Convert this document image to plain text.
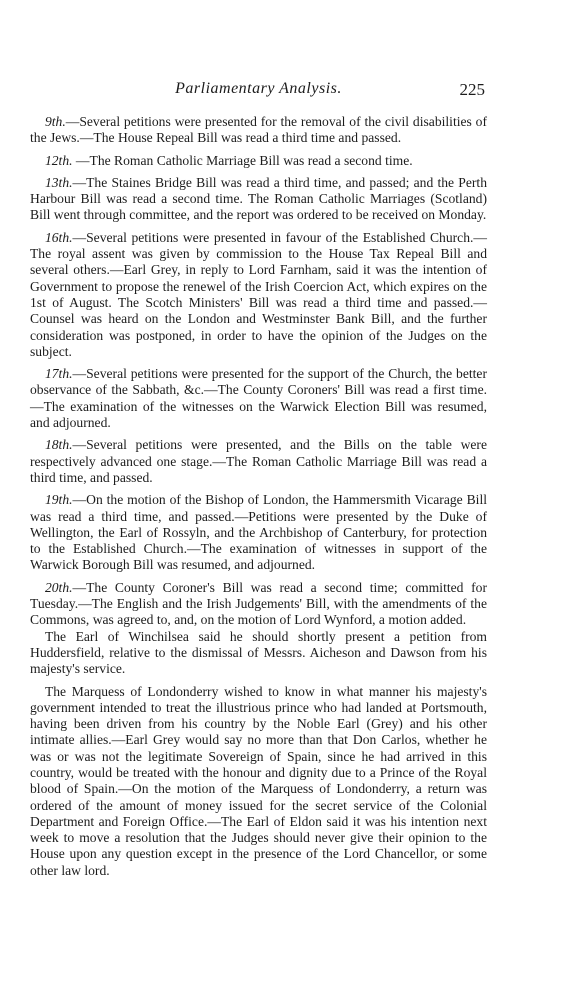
Parliamentary Analysis.	225

9th.—Several petitions were presented for the removal of the civil disabilities of the Jews.—The House Repeal Bill was read a third time and passed.

12th. —The Roman Catholic Marriage Bill was read a second time.

13th.—The Staines Bridge Bill was read a third time, and passed; and the Perth Harbour Bill was read a second time. The Roman Catholic Marriages (Scotland) Bill went through committee, and the report was ordered to be received on Monday.

16th.—Several petitions were presented in favour of the Established Church.—The royal assent was given by commission to the House Tax Repeal Bill and several others.—Earl Grey, in reply to Lord Farnham, said it was the intention of Government to propose the renewel of the Irish Coercion Act, which expires on the 1st of August. The Scotch Ministers' Bill was read a third time and passed.—Counsel was heard on the London and Westminster Bank Bill, and the further consideration was postponed, in order to have the opinion of the Judges on the subject.

17th.—Several petitions were presented for the support of the Church, the better observance of the Sabbath, &c.—The County Coroners' Bill was read a first time.—The examination of the witnesses on the Warwick Election Bill was resumed, and adjourned.

18th.—Several petitions were presented, and the Bills on the table were respectively advanced one stage.—The Roman Catholic Marriage Bill was read a third time, and passed.

19th.—On the motion of the Bishop of London, the Hammersmith Vicarage Bill was read a third time, and passed.—Petitions were presented by the Duke of Wellington, the Earl of Rossyln, and the Archbishop of Canterbury, for protection to the Established Church.—The examination of witnesses in support of the Warwick Borough Bill was resumed, and adjourned.

20th.—The County Coroner's Bill was read a second time; committed for Tuesday.—The English and the Irish Judgements' Bill, with the amendments of the Commons, was agreed to, and, on the motion of Lord Wynford, a motion added.

The Earl of Winchilsea said he should shortly present a petition from Huddersfield, relative to the dismissal of Messrs. Aicheson and Dawson from his majesty's service.

The Marquess of Londonderry wished to know in what manner his majesty's government intended to treat the illustrious prince who had landed at Portsmouth, having been driven from his country by the Noble Earl (Grey) and his other intimate allies.—Earl Grey would say no more than that Don Carlos, whether he was or was not the legitimate Sovereign of Spain, since he had arrived in this country, would be treated with the honour and dignity due to a Prince of the Royal blood of Spain.—On the motion of the Marquess of Londonderry, a return was ordered of the amount of money issued for the secret service of the Colonial Department and Foreign Office.—The Earl of Eldon said it was his intention next week to move a resolution that the Judges should never give their opinion to the House upon any question except in the presence of the Lord Chancellor, or some other law lord.
